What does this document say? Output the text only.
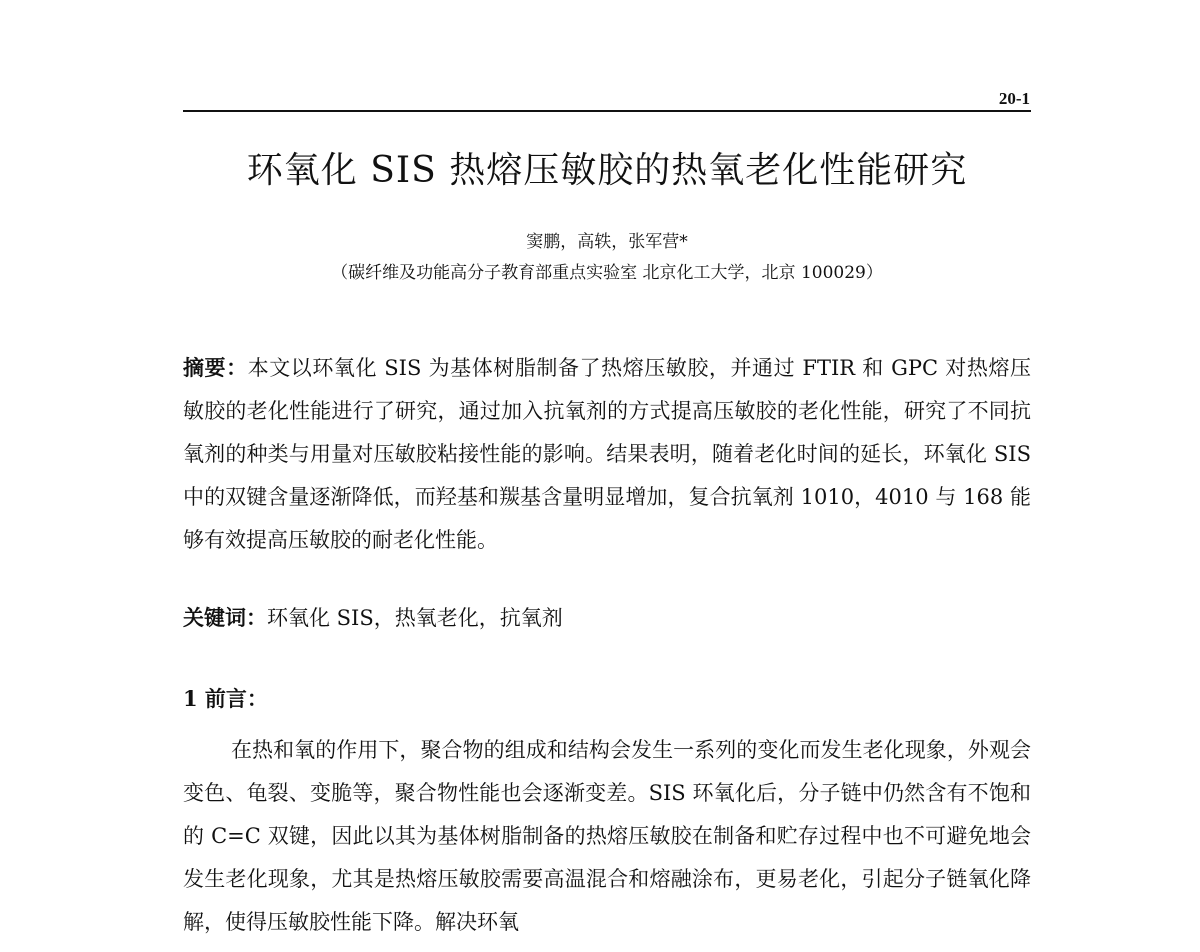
20-1
环氧化 SIS 热熔压敏胶的热氧老化性能研究
窦鹏，高轶，张军营*
（碳纤维及功能高分子教育部重点实验室 北京化工大学，北京 100029）

摘要：本文以环氧化 SIS 为基体树脂制备了热熔压敏胶，并通过 FTIR 和 GPC 对热熔压敏胶的老化性能进行了研究，通过加入抗氧剂的方式提高压敏胶的老化性能，研究了不同抗氧剂的种类与用量对压敏胶粘接性能的影响。结果表明，随着老化时间的延长，环氧化 SIS 中的双键含量逐渐降低，而羟基和羰基含量明显增加，复合抗氧剂 1010，4010 与 168 能够有效提高压敏胶的耐老化性能。

关键词：环氧化 SIS，热氧老化，抗氧剂
1 前言：

在热和氧的作用下，聚合物的组成和结构会发生一系列的变化而发生老化现象，外观会变色、龟裂、变脆等，聚合物性能也会逐渐变差。SIS 环氧化后，分子链中仍然含有不饱和的 C=C 双键，因此以其为基体树脂制备的热熔压敏胶在制备和贮存过程中也不可避免地会发生老化现象，尤其是热熔压敏胶需要高温混合和熔融涂布，更易老化，引起分子链氧化降解，使得压敏胶性能下降。解决环氧
